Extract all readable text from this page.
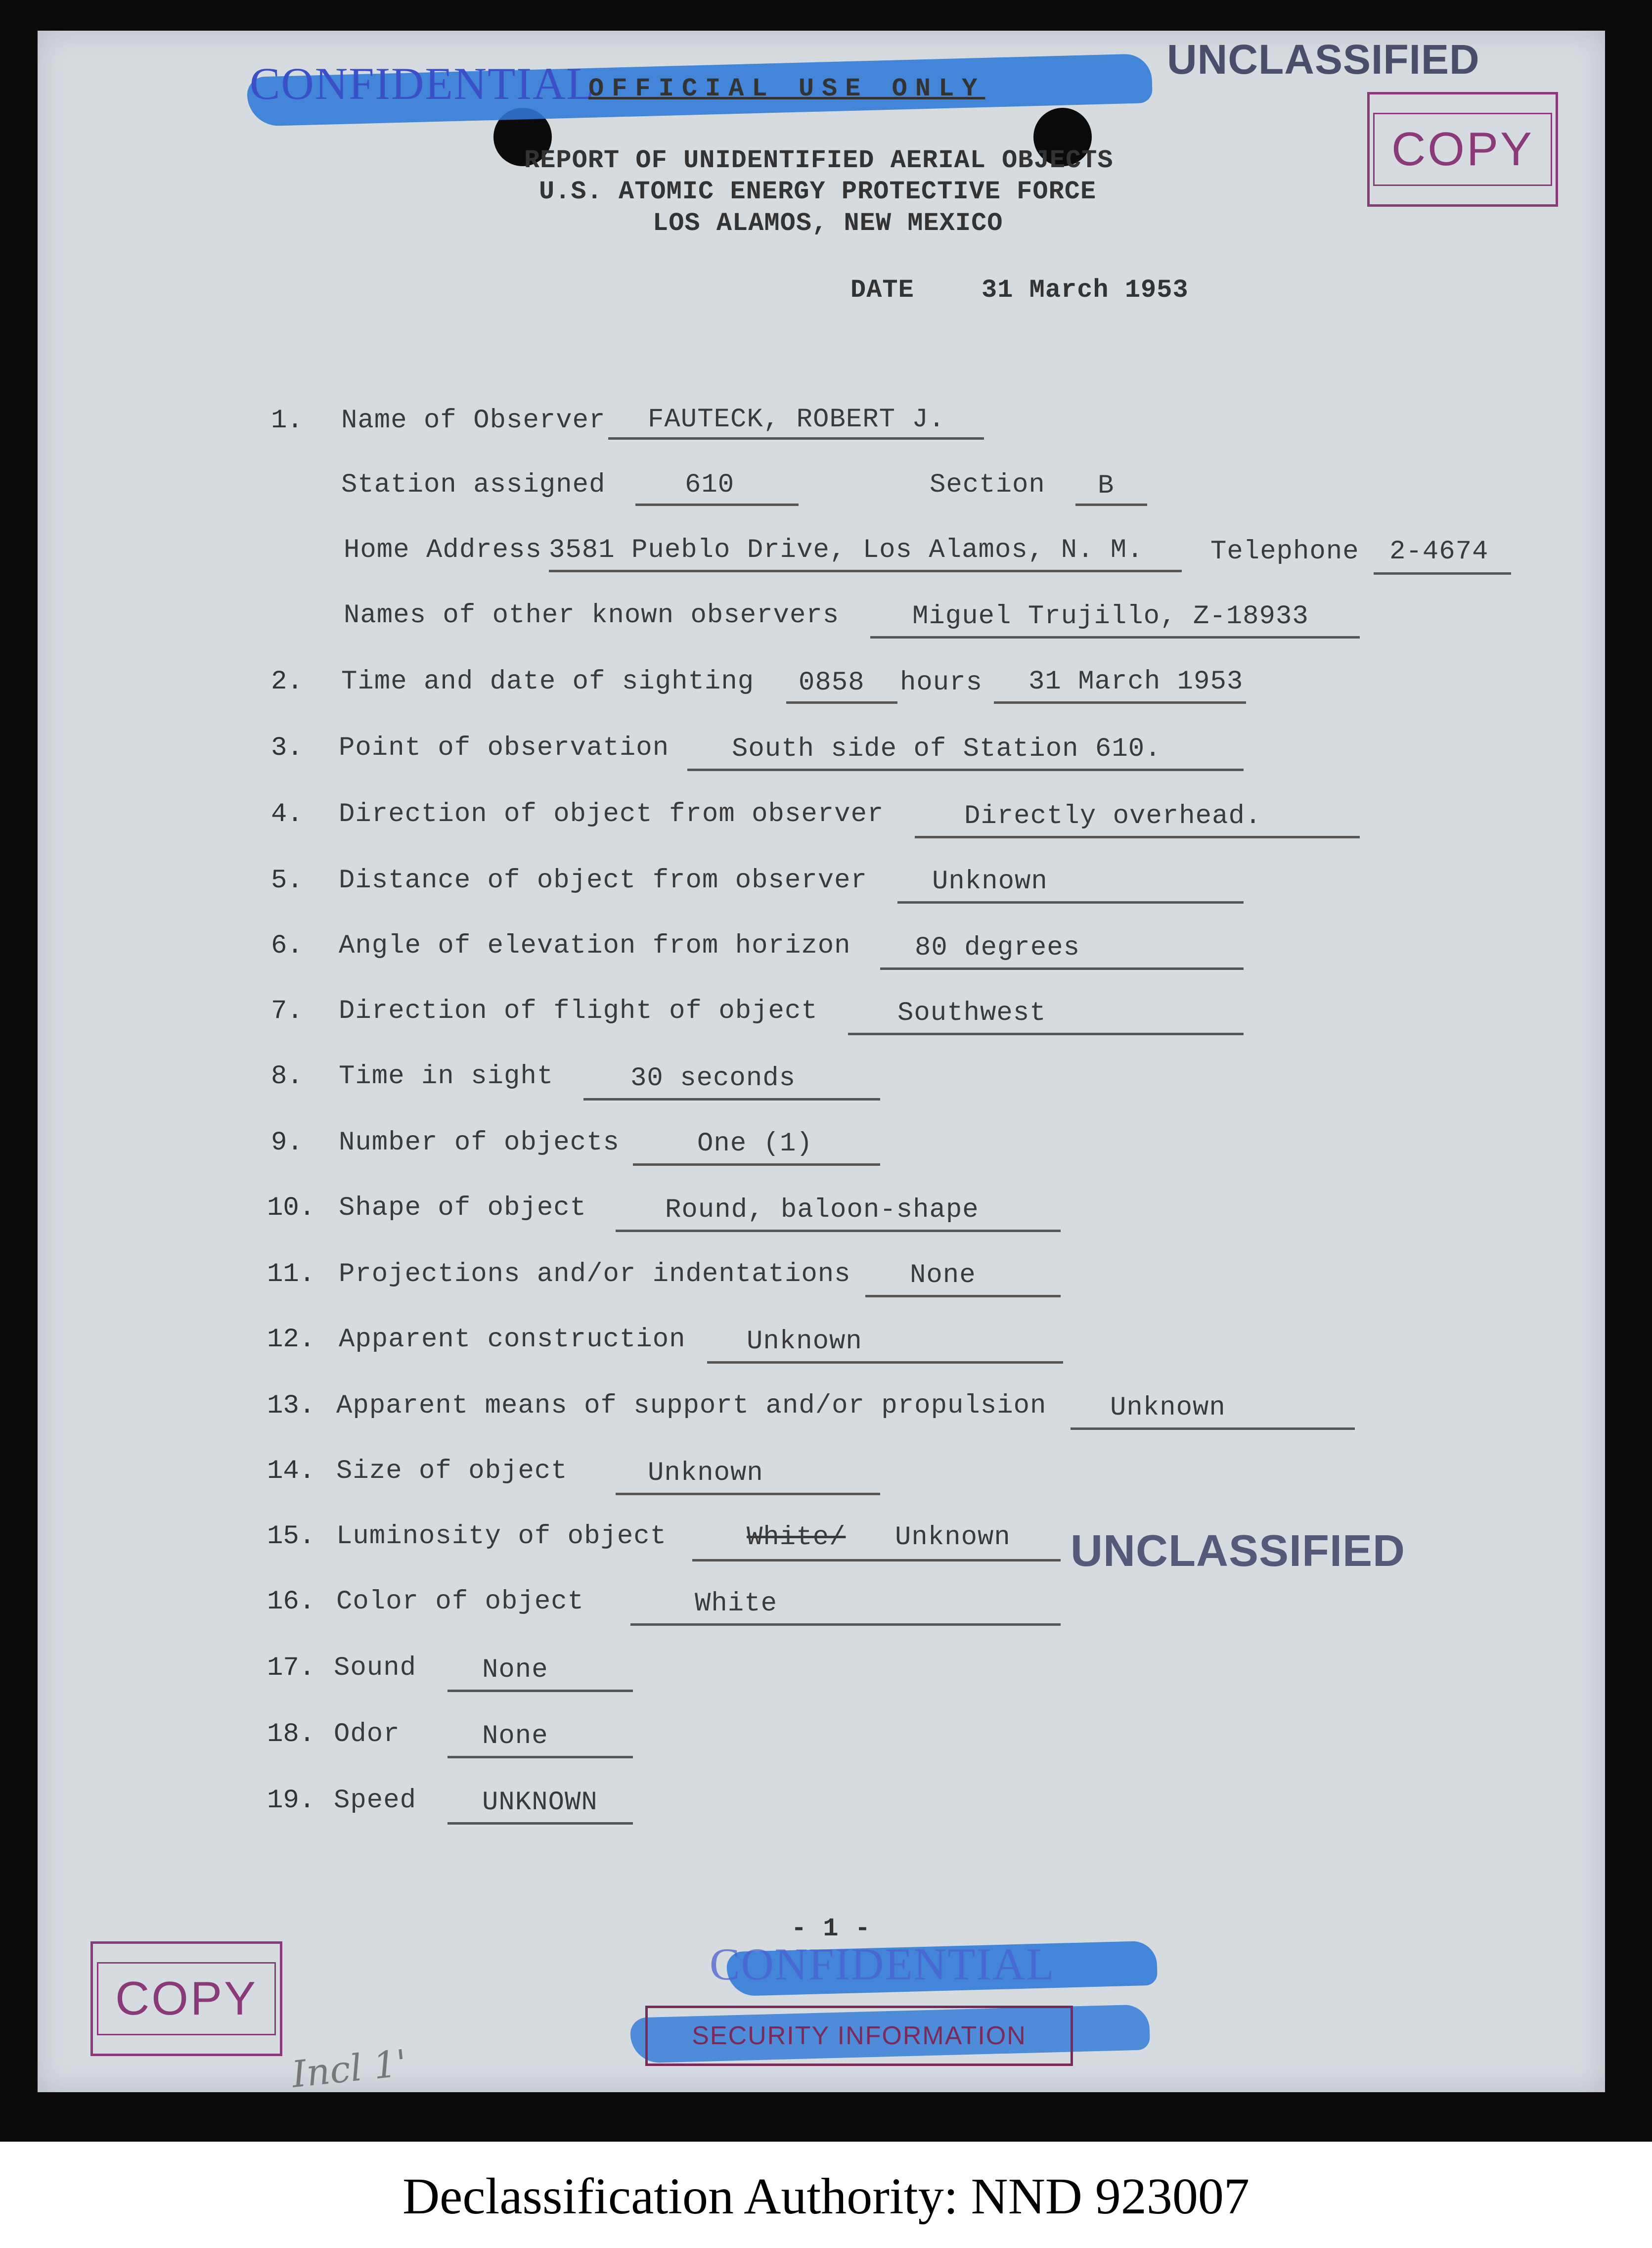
CONFIDENTIAL
OFFICIAL USE ONLY
UNCLASSIFIED
COPY
REPORT OF UNIDENTIFIED AERIAL OBJECTS
U.S. ATOMIC ENERGY PROTECTIVE FORCE
LOS ALAMOS, NEW MEXICO
DATE	31 March 1953
1. Name of Observer FAUTECK, ROBERT J.
Station assigned	610	Section B
Home Address 3581 Pueblo Drive, Los Alamos, N. M.	Telephone 2-4674
Names of other known observers	Miguel Trujillo, Z-18933
2. Time and date of sighting 0858 hours 31 March 1953
3. Point of observation South side of Station 610.
4. Direction of object from observer	Directly overhead.
5. Distance of object from observer Unknown
6. Angle of elevation from horizon 80 degrees
7. Direction of flight of object	Southwest
8. Time in sight	30 seconds
9. Number of objects	One (1)
10. Shape of object	Round, baloon-shape
11. Projections and/or indentations None
12. Apparent construction Unknown
13. Apparent means of support and/or propulsion Unknown
14. Size of object	Unknown
15. Luminosity of object	White/ Unknown UNCLASSIFIED
16. Color of object	White
17. Sound None
18. Odor	None
19. Speed UNKNOWN
- 1 -
CONFIDENTIAL
SECURITY INFORMATION
COPY
Incl 1'
Declassification Authority: NND 923007
